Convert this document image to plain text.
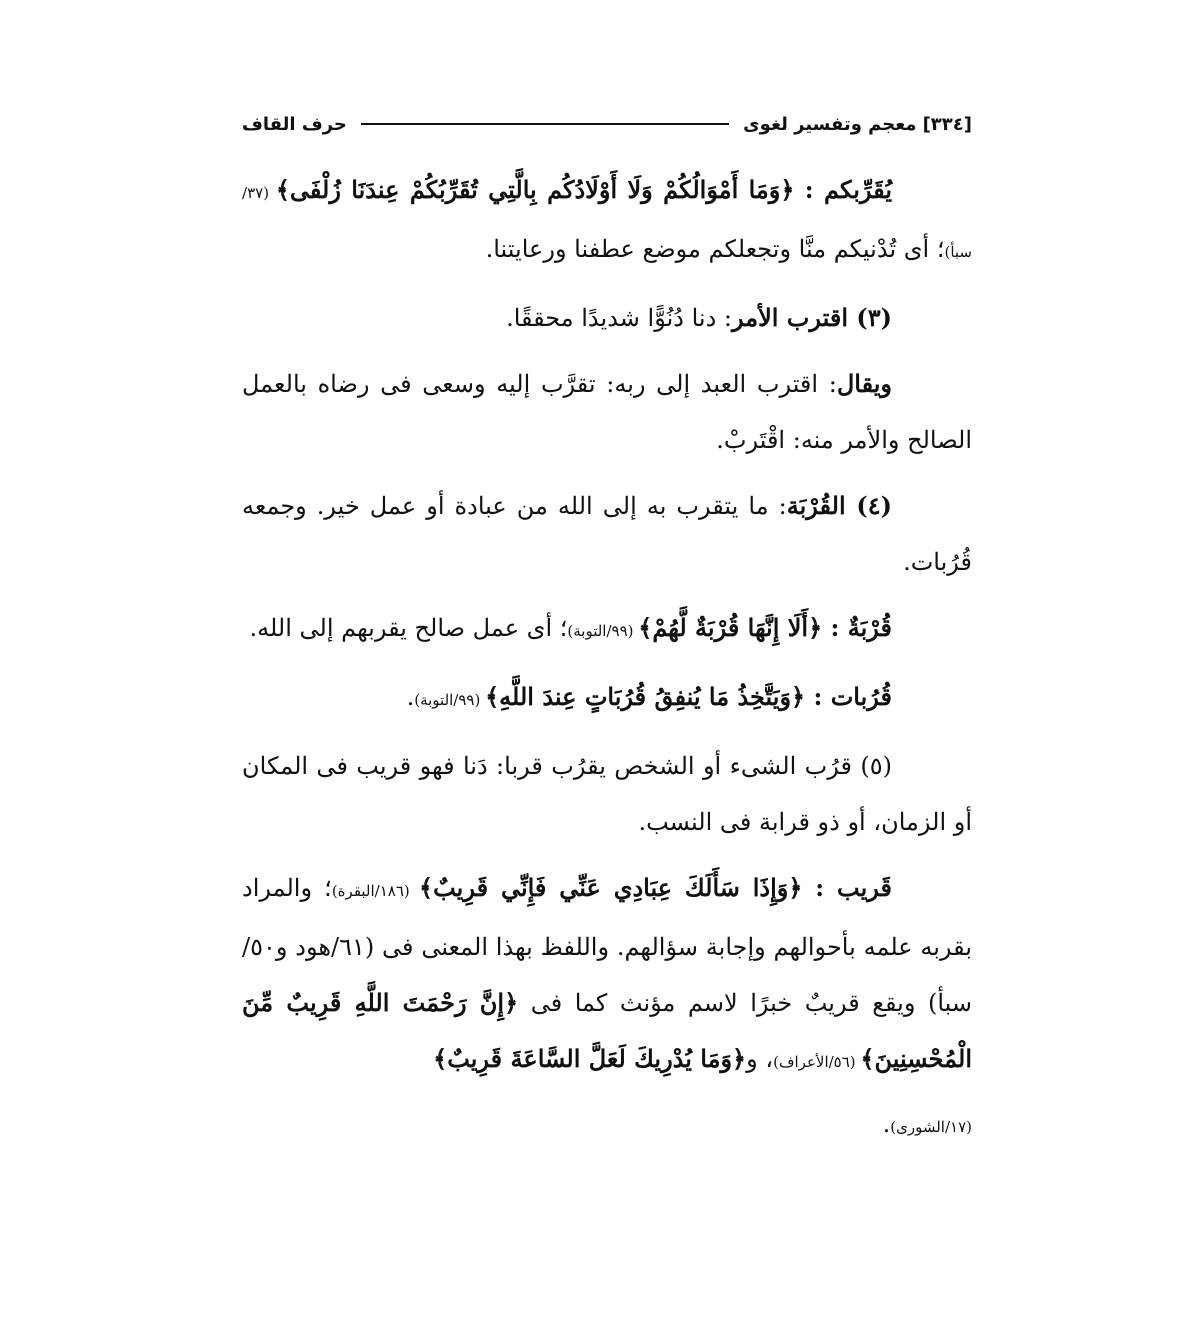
[٣٣٤]
معجم وتفسير لغوى
حرف القاف

يُقَرِّبكم : ﴿وَمَا أَمْوَالُكُمْ وَلَا أَوْلَادُكُم بِالَّتِي تُقَرِّبُكُمْ عِندَنَا زُلْفَى﴾ (٣٧/سبأ)؛ أى تُدْنيكم منَّا وتجعلكم موضع عطفنا ورعايتنا.

(٣) اقترب الأمر: دنا دُنُوًّا شديدًا محققًا.

ويقال: اقترب العبد إلى ربه: تقرَّب إليه وسعى فى رضاه بالعمل الصالح والأمر منه: اقْتَربْ.

(٤) القُرْبَة: ما يتقرب به إلى الله من عبادة أو عمل خير. وجمعه قُرُبات.

قُرْبَةٌ : ﴿أَلَا إِنَّهَا قُرْبَةٌ لَّهُمْ﴾ (٩٩/التوبة)؛ أى عمل صالح يقربهم إلى الله.

قُرُبات : ﴿وَيَتَّخِذُ مَا يُنفِقُ قُرُبَاتٍ عِندَ اللَّهِ﴾ (٩٩/التوبة).

(٥) قرُب الشىء أو الشخص يقرُب قربا: دَنا فهو قريب فى المكان أو الزمان، أو ذو قرابة فى النسب.

قَريب : ﴿وَإِذَا سَأَلَكَ عِبَادِي عَنِّي فَإِنِّي قَرِيبٌ﴾ (١٨٦/البقرة)؛ والمراد بقربه علمه بأحوالهم وإجابة سؤالهم. واللفظ بهذا المعنى فى (٦١/هود و٥٠/سبأ) ويقع قريبٌ خبرًا لاسم مؤنث كما فى ﴿إِنَّ رَحْمَتَ اللَّهِ قَرِيبٌ مِّنَ الْمُحْسِنِينَ﴾ (٥٦/الأعراف)، و﴿وَمَا يُدْرِيكَ لَعَلَّ السَّاعَةَ قَرِيبٌ﴾

(١٧/الشورى).
